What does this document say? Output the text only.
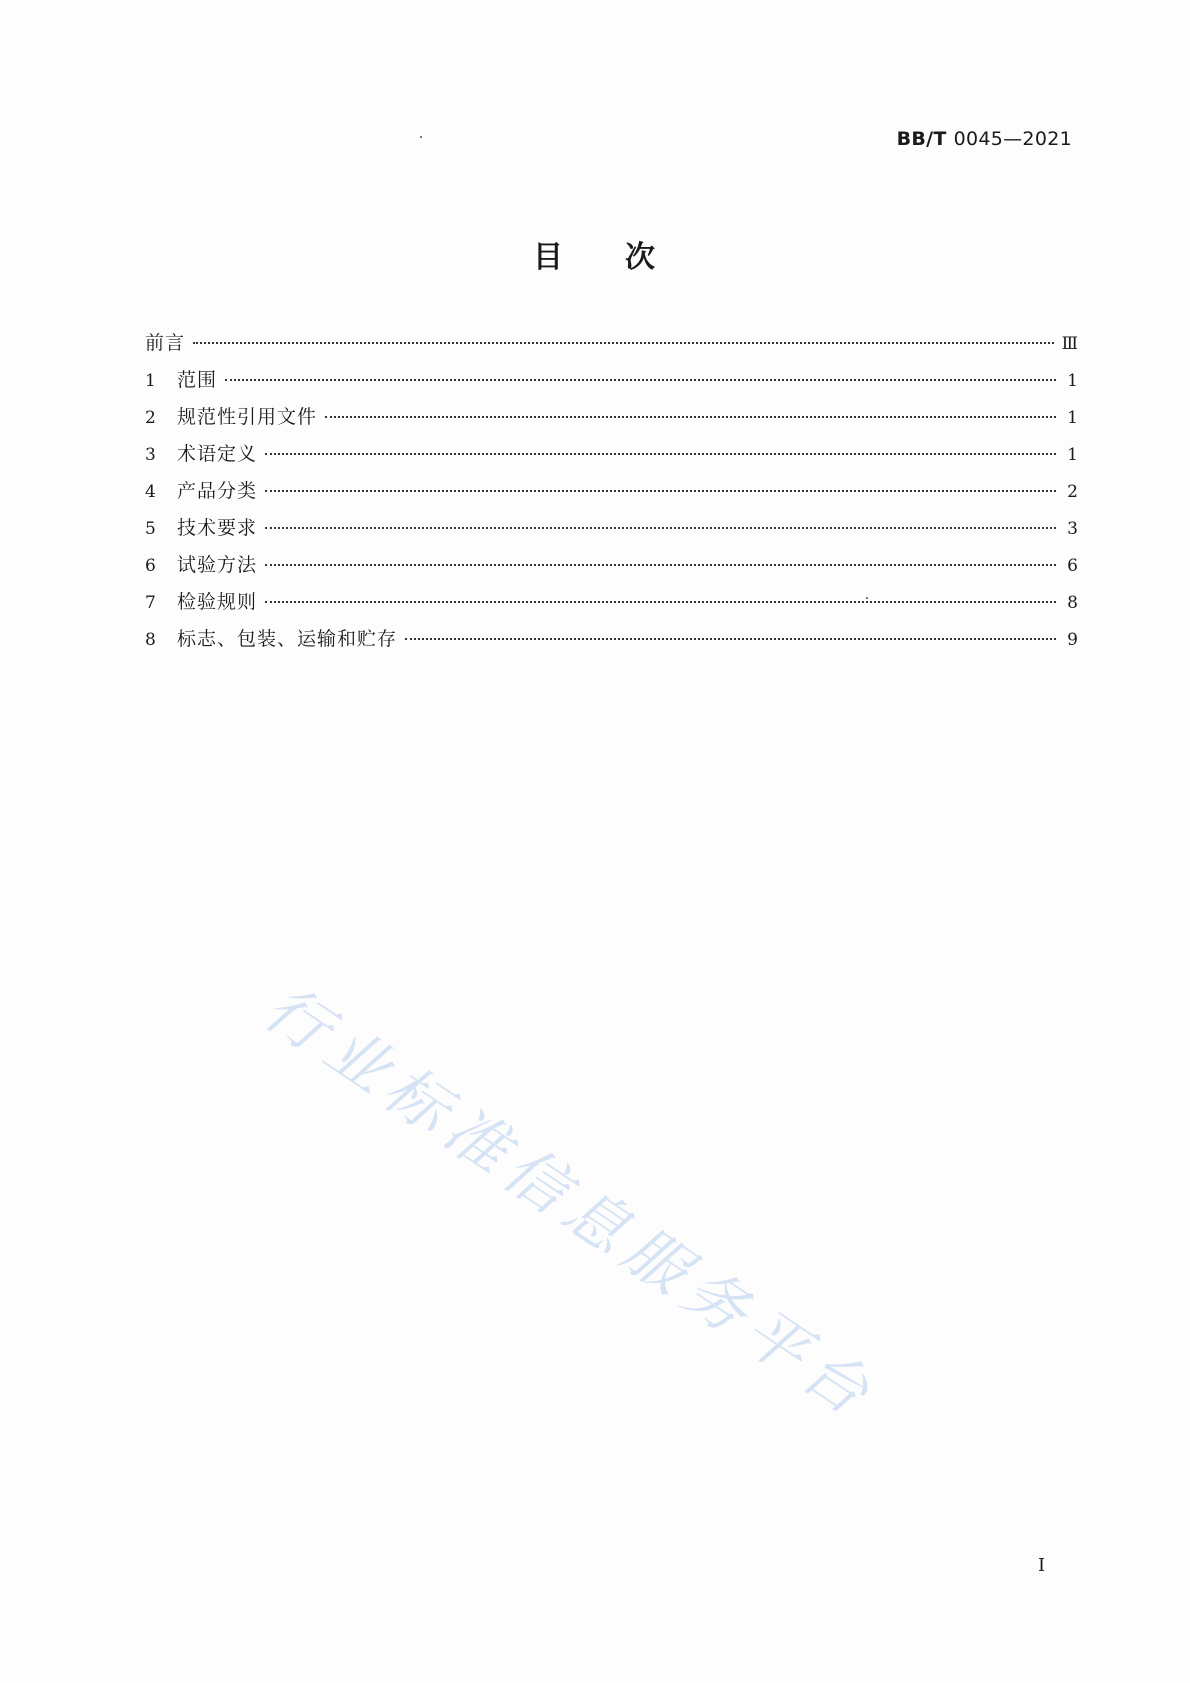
BB/T 0045—2021
目次
前言	Ⅲ
1	范围	1
2	规范性引用文件	1
3	术语定义	1
4	产品分类	2
5	技术要求	3
6	试验方法	6
7	检验规则	8
8	标志、包装、运输和贮存	9
行业标准信息服务平台
I
